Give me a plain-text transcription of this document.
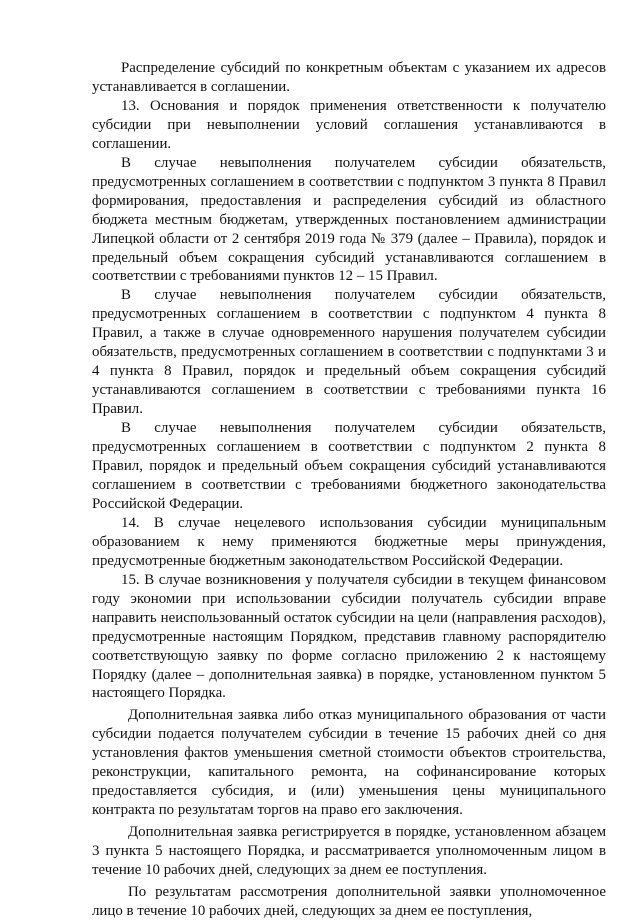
Распределение субсидий по конкретным объектам с указанием их адресов устанавливается в соглашении.

13. Основания и порядок применения ответственности к получателю субсидии при невыполнении условий соглашения устанавливаются в соглашении.

В случае невыполнения получателем субсидии обязательств, предусмотренных соглашением в соответствии с подпунктом 3 пункта 8 Правил формирования, предоставления и распределения субсидий из областного бюджета местным бюджетам, утвержденных постановлением администрации Липецкой области от 2 сентября 2019 года № 379 (далее – Правила), порядок и предельный объем сокращения субсидий устанавливаются соглашением в соответствии с требованиями пунктов 12 – 15 Правил.

В случае невыполнения получателем субсидии обязательств, предусмотренных соглашением в соответствии с подпунктом 4 пункта 8 Правил, а также в случае одновременного нарушения получателем субсидии обязательств, предусмотренных соглашением в соответствии с подпунктами 3 и 4 пункта 8 Правил, порядок и предельный объем сокращения субсидий устанавливаются соглашением в соответствии с требованиями пункта 16 Правил.

В случае невыполнения получателем субсидии обязательств, предусмотренных соглашением в соответствии с подпунктом 2 пункта 8 Правил, порядок и предельный объем сокращения субсидий устанавливаются соглашением в соответствии с требованиями бюджетного законодательства Российской Федерации.

14. В случае нецелевого использования субсидии муниципальным образованием к нему применяются бюджетные меры принуждения, предусмотренные бюджетным законодательством Российской Федерации.

15. В случае возникновения у получателя субсидии в текущем финансовом году экономии при использовании субсидии получатель субсидии вправе направить неиспользованный остаток субсидии на цели (направления расходов), предусмотренные настоящим Порядком, представив главному распорядителю соответствующую заявку по форме согласно приложению 2 к настоящему Порядку (далее – дополнительная заявка) в порядке, установленном пунктом 5 настоящего Порядка.

Дополнительная заявка либо отказ муниципального образования от части субсидии подается получателем субсидии в течение 15 рабочих дней со дня установления фактов уменьшения сметной стоимости объектов строительства, реконструкции, капитального ремонта, на софинансирование которых предоставляется субсидия, и (или) уменьшения цены муниципального контракта по результатам торгов на право его заключения.

Дополнительная заявка регистрируется в порядке, установленном абзацем 3 пункта 5 настоящего Порядка, и рассматривается уполномоченным лицом в течение 10 рабочих дней, следующих за днем ее поступления.

По результатам рассмотрения дополнительной заявки уполномоченное лицо в течение 10 рабочих дней, следующих за днем ее поступления,
